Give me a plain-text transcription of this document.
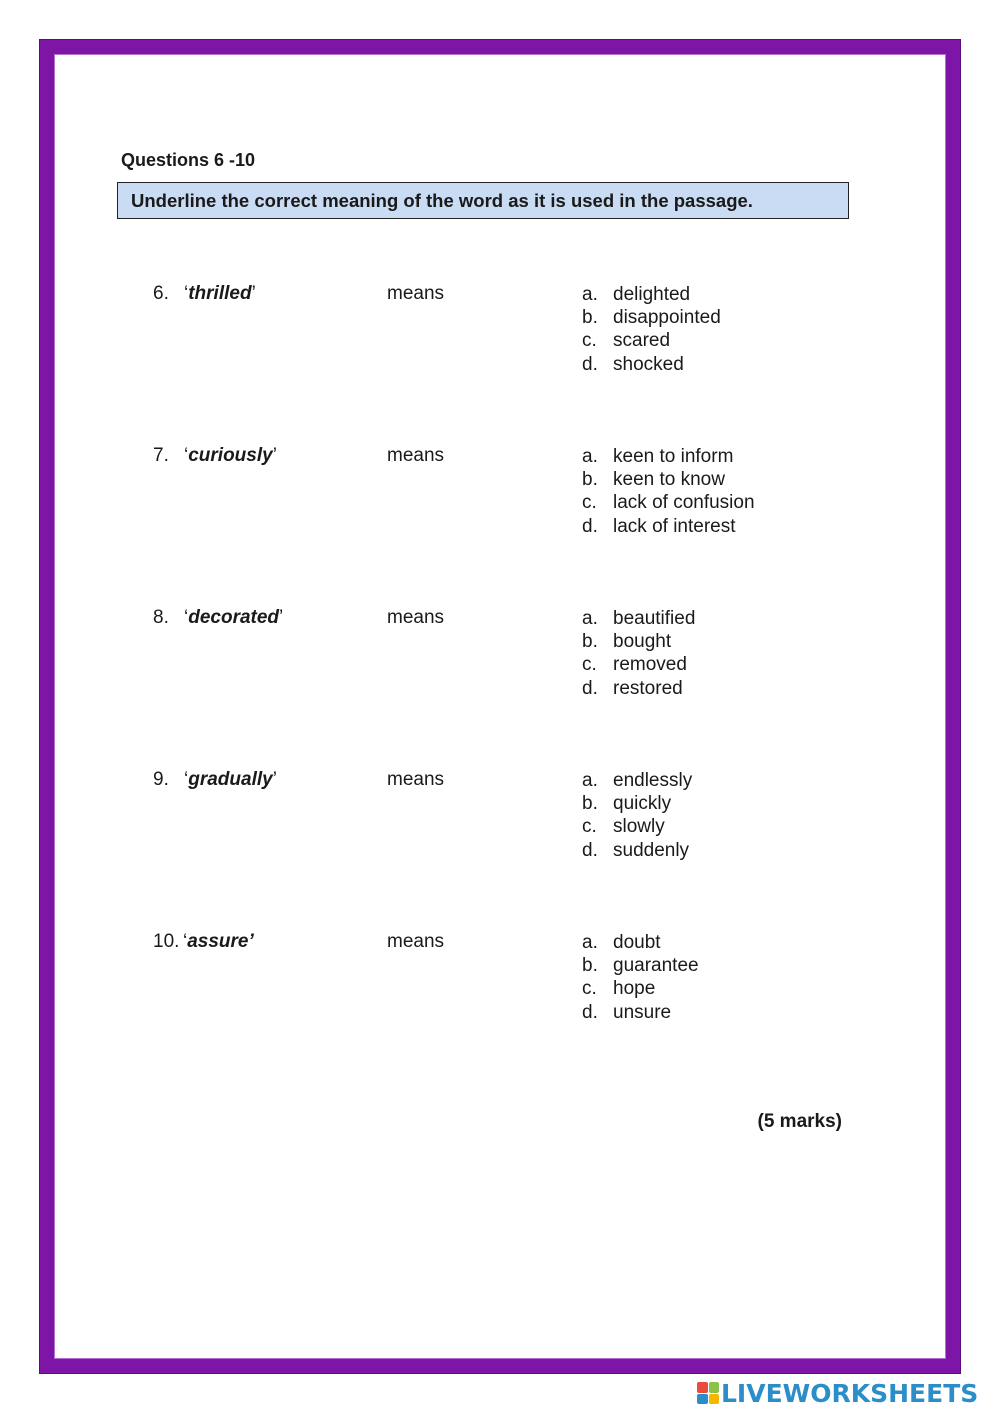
Questions 6 -10
Underline the correct meaning of the word as it is used in the passage.
6. ‘thrilled’	means	a. delighted
b. disappointed
c. scared
d. shocked
7. ‘curiously’	means	a. keen to inform
b. keen to know
c. lack of confusion
d. lack of interest
8. ‘decorated’	means	a. beautified
b. bought
c. removed
d. restored
9. ‘gradually’	means	a. endlessly
b. quickly
c. slowly
d. suddenly
10. ‘assure’	means	a. doubt
b. guarantee
c. hope
d. unsure
(5 marks)
LIVEWORKSHEETS
